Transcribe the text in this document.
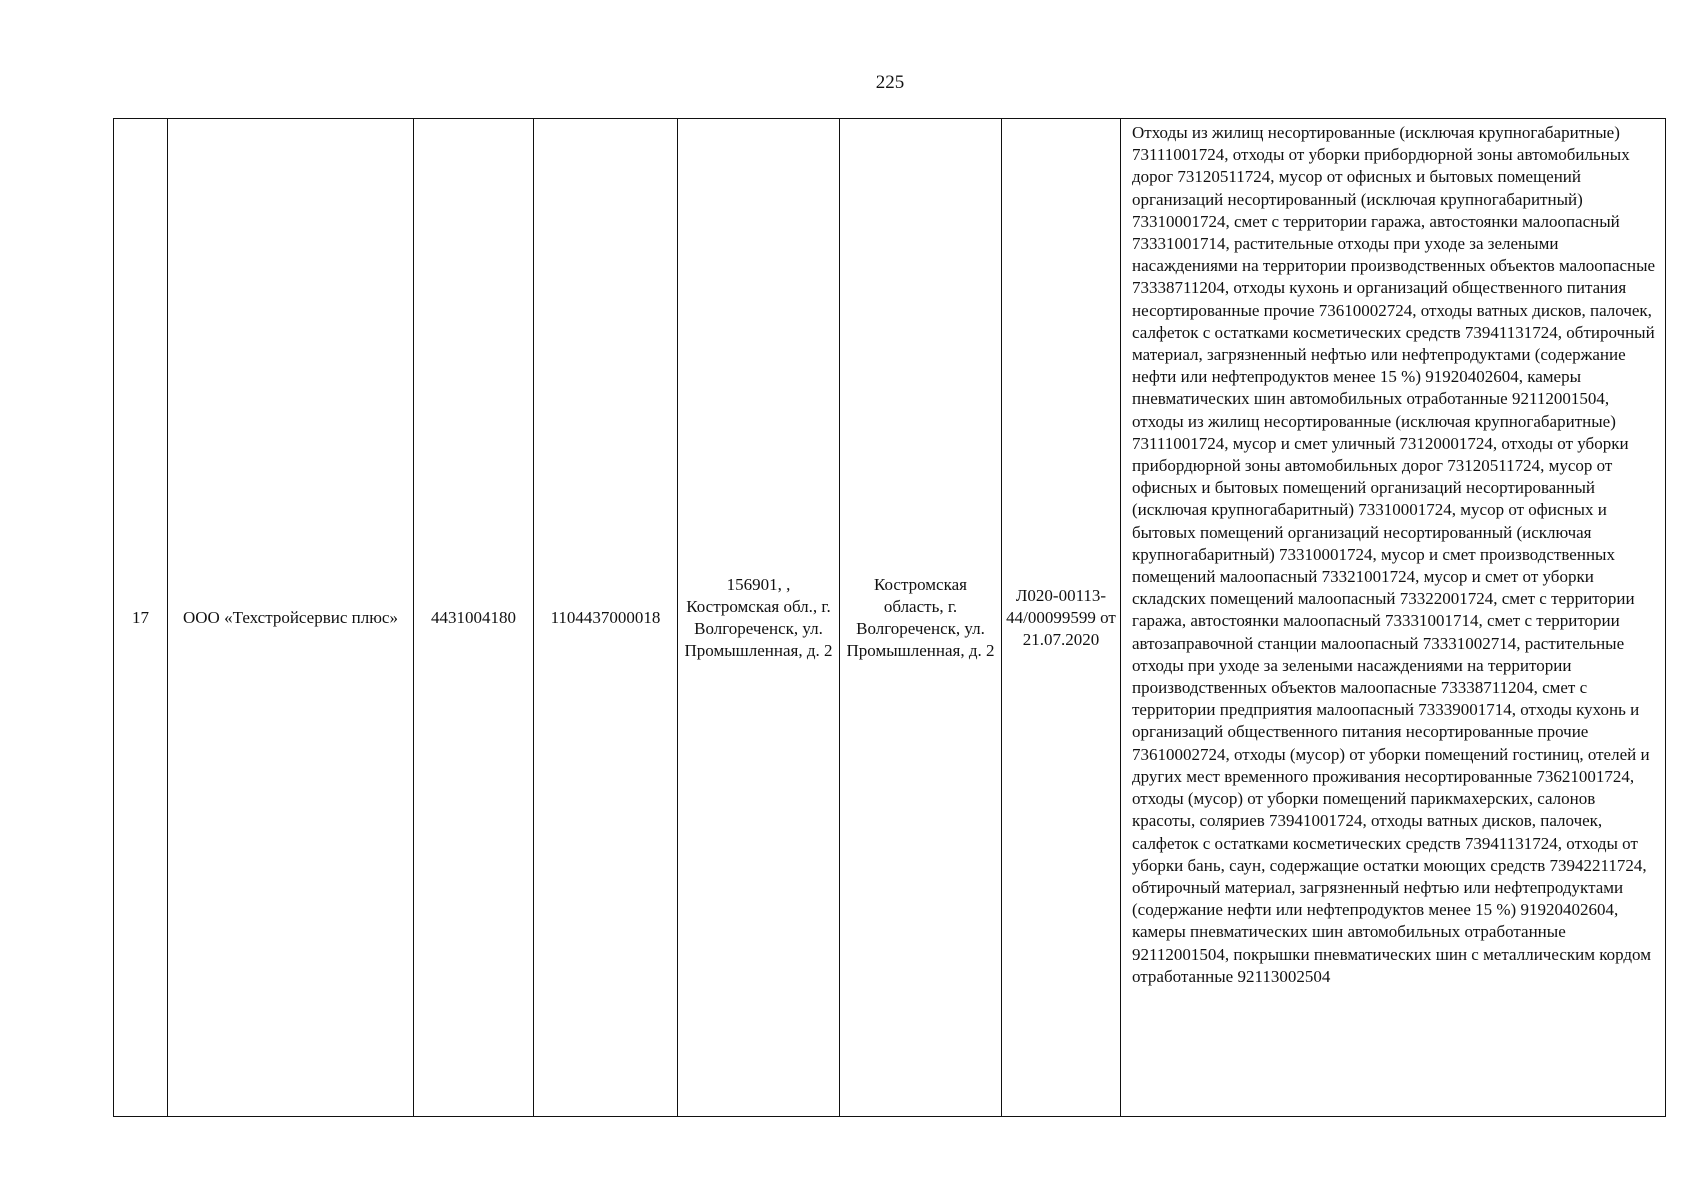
225
17	ООО «Техстройсервис плюс»	4431004180	1104437000018	156901, , Костромская обл., г. Волгореченск, ул. Промышленная, д. 2	Костромская область, г. Волгореченск, ул. Промышленная, д. 2	Л020-00113-44/00099599 от 21.07.2020	Отходы из жилищ несортированные (исключая крупногабаритные) 73111001724, отходы от уборки прибордюрной зоны автомобильных дорог 73120511724, мусор от офисных и бытовых помещений организаций несортированный (исключая крупногабаритный) 73310001724, смет с территории гаража, автостоянки малоопасный 73331001714, растительные отходы при уходе за зелеными насаждениями на территории производственных объектов малоопасные 73338711204, отходы кухонь и организаций общественного питания несортированные прочие 73610002724, отходы ватных дисков, палочек, салфеток с остатками косметических средств 73941131724, обтирочный материал, загрязненный нефтью или нефтепродуктами (содержание нефти или нефтепродуктов менее 15 %) 91920402604, камеры пневматических шин автомобильных отработанные 92112001504, отходы из жилищ несортированные (исключая крупногабаритные) 73111001724, мусор и смет уличный 73120001724, отходы от уборки прибордюрной зоны автомобильных дорог 73120511724, мусор от офисных и бытовых помещений организаций несортированный (исключая крупногабаритный) 73310001724, мусор от офисных и бытовых помещений организаций несортированный (исключая крупногабаритный) 73310001724, мусор и смет производственных помещений малоопасный 73321001724, мусор и смет от уборки складских помещений малоопасный 73322001724, смет с территории гаража, автостоянки малоопасный 73331001714, смет с территории автозаправочной станции малоопасный 73331002714, растительные отходы при уходе за зелеными насаждениями на территории производственных объектов малоопасные 73338711204, смет с территории предприятия малоопасный 73339001714, отходы кухонь и организаций общественного питания несортированные прочие 73610002724, отходы (мусор) от уборки помещений гостиниц, отелей и других мест временного проживания несортированные 73621001724, отходы (мусор) от уборки помещений парикмахерских, салонов красоты, соляриев 73941001724, отходы ватных дисков, палочек, салфеток с остатками косметических средств 73941131724, отходы от уборки бань, саун, содержащие остатки моющих средств 73942211724, обтирочный материал, загрязненный нефтью или нефтепродуктами (содержание нефти или нефтепродуктов менее 15 %) 91920402604, камеры пневматических шин автомобильных отработанные 92112001504, покрышки пневматических шин с металлическим кордом отработанные 92113002504
